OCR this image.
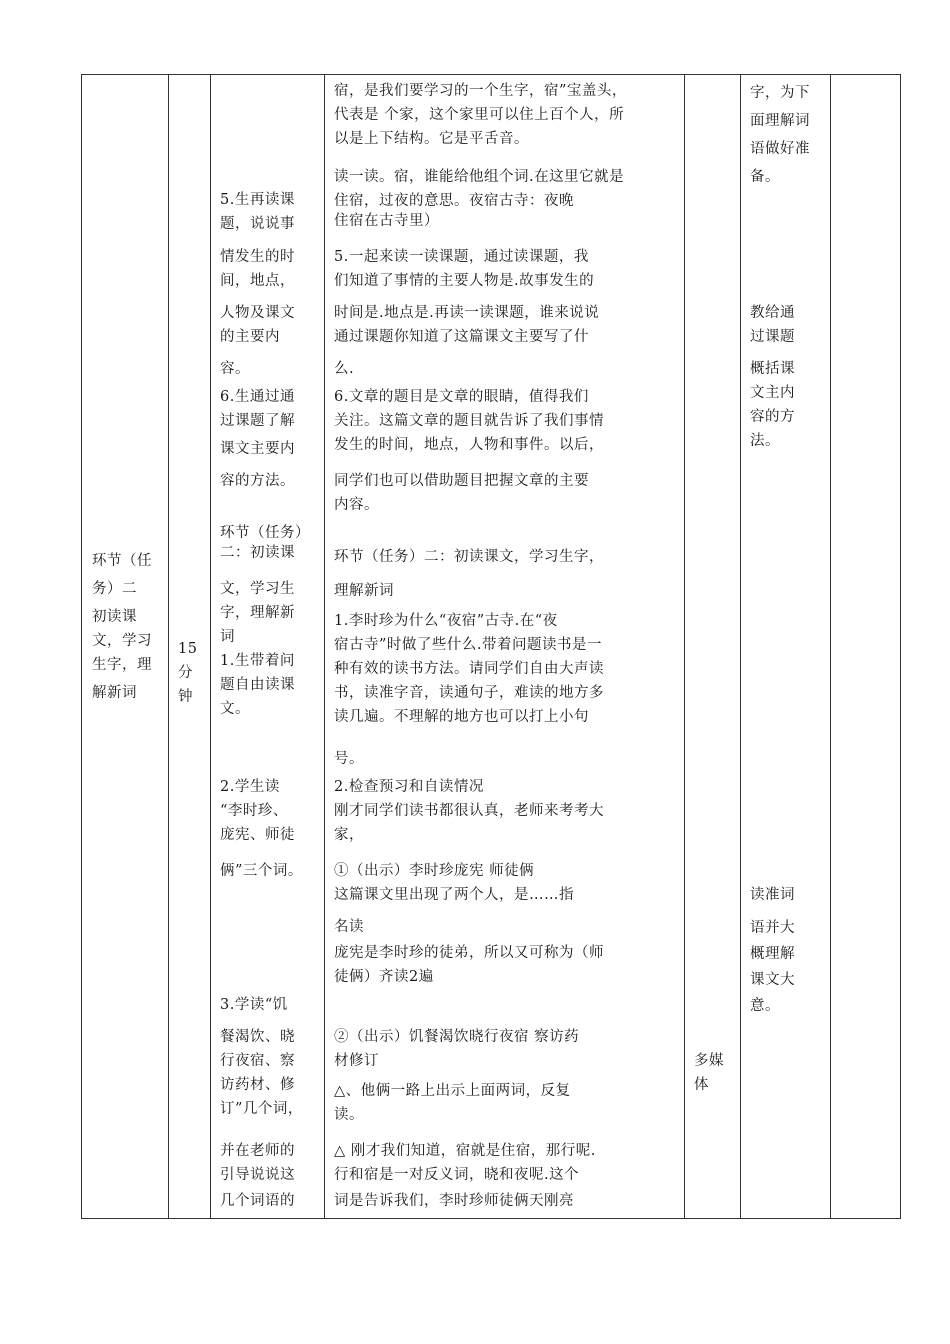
环节（任
务）二
初读课
文，学习
生字，理
解新词
15
分
钟
5.生再读课
题，说说事
情发生的时
间，地点，
人物及课文
的主要内
容。
6.生通过通
过课题了解
课文主要内
容的方法。
环节（任务）
二：初读课
文，学习生
字，理解新
词
1.生带着问
题自由读课
文。
2.学生读
“李时珍、
庞宪、师徒
俩”三个词。
3.学读“饥
餐渴饮、晓
行夜宿、察
访药材、修
订”几个词，
并在老师的
引导说说这
几个词语的
宿，是我们要学习的一个生字，宿”宝盖头，
代表是 个家，这个家里可以住上百个人，所
以是上下结构。它是平舌音。
读一读。宿，谁能给他组个词.在这里它就是
住宿，过夜的意思。夜宿古寺：夜晚
住宿在古寺里）
5.一起来读一读课题，通过读课题，我
们知道了事情的主要人物是.故事发生的
时间是.地点是.再读一读课题，谁来说说
通过课题你知道了这篇课文主要写了什
么.
6.文章的题目是文章的眼睛，值得我们
关注。这篇文章的题目就告诉了我们事情
发生的时间，地点，人物和事件。以后，
同学们也可以借助题目把握文章的主要
内容。
环节（任务）二：初读课文，学习生字，
理解新词
1.李时珍为什么“夜宿”古寺.在“夜
宿古寺”时做了些什么.带着问题读书是一
种有效的读书方法。请同学们自由大声读
书，读准字音，读通句子，难读的地方多
读几遍。不理解的地方也可以打上小句
号。
2.检查预习和自读情况
刚才同学们读书都很认真，老师来考考大
家，
①（出示）李时珍庞宪 师徒俩
这篇课文里出现了两个人，是……指
名读
庞宪是李时珍的徒弟，所以又可称为（师
徒俩）齐读2遍
②（出示）饥餐渴饮晓行夜宿 察访药
材修订
△、他俩一路上出示上面两词，反复
读。
△ 刚才我们知道，宿就是住宿，那行呢.
行和宿是一对反义词，晓和夜呢.这个
词是告诉我们，李时珍师徒俩天刚亮
多媒
体
字，为下
面理解词
语做好准
备。
教给通
过课题
概括课
文主内
容的方
法。
读准词
语并大
概理解
课文大
意。
